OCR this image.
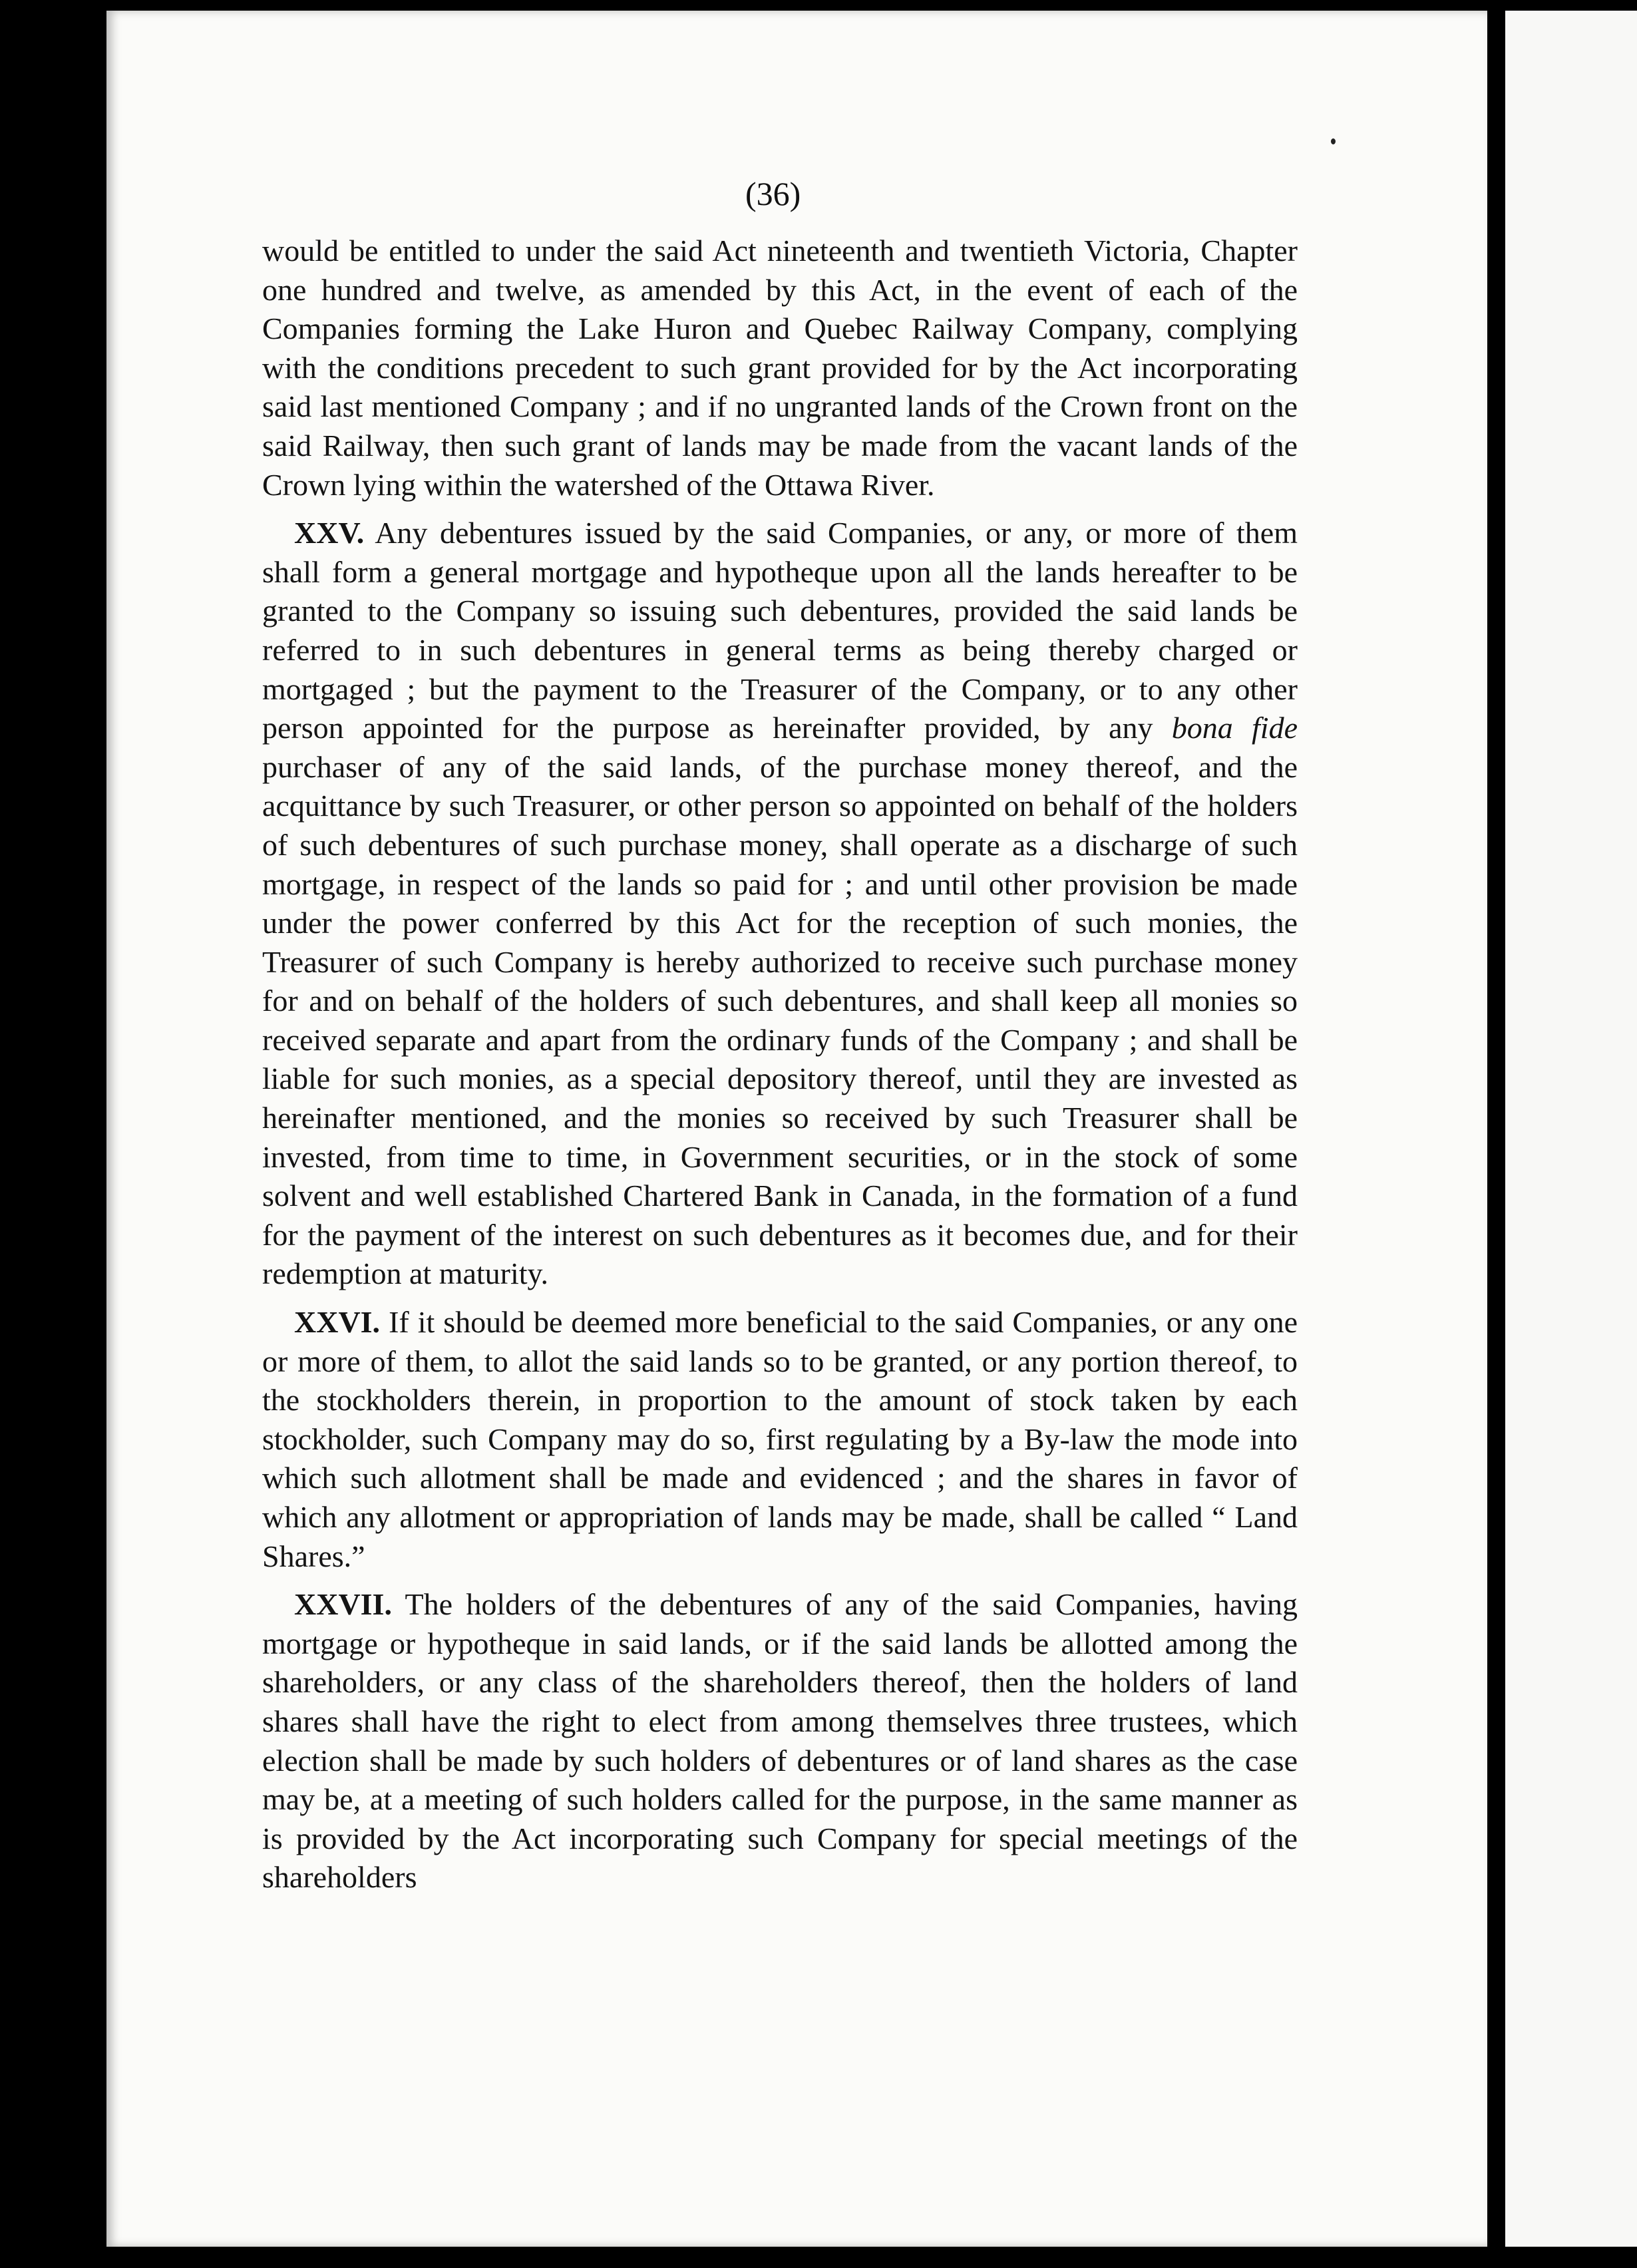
(36)

would be entitled to under the said Act nineteenth and twentieth Victoria, Chapter one hundred and twelve, as amended by this Act, in the event of each of the Companies forming the Lake Huron and Quebec Railway Company, complying with the conditions precedent to such grant provided for by the Act incorporating said last mentioned Company ; and if no ungranted lands of the Crown front on the said Railway, then such grant of lands may be made from the vacant lands of the Crown lying within the watershed of the Ottawa River.

XXV. Any debentures issued by the said Companies, or any, or more of them shall form a general mortgage and hypotheque upon all the lands hereafter to be granted to the Company so issuing such debentures, provided the said lands be referred to in such debentures in general terms as being thereby charged or mortgaged ; but the payment to the Treasurer of the Company, or to any other person appointed for the purpose as hereinafter provided, by any bona fide purchaser of any of the said lands, of the purchase money thereof, and the acquittance by such Treasurer, or other person so appointed on behalf of the holders of such debentures of such purchase money, shall operate as a discharge of such mortgage, in respect of the lands so paid for ; and until other provision be made under the power conferred by this Act for the reception of such monies, the Treasurer of such Company is hereby authorized to receive such purchase money for and on behalf of the holders of such debentures, and shall keep all monies so received separate and apart from the ordinary funds of the Company ; and shall be liable for such monies, as a special depository thereof, until they are invested as hereinafter mentioned, and the monies so received by such Treasurer shall be invested, from time to time, in Government securities, or in the stock of some solvent and well established Chartered Bank in Canada, in the formation of a fund for the payment of the interest on such debentures as it becomes due, and for their redemption at maturity.

XXVI. If it should be deemed more beneficial to the said Companies, or any one or more of them, to allot the said lands so to be granted, or any portion thereof, to the stockholders therein, in proportion to the amount of stock taken by each stockholder, such Company may do so, first regulating by a By-law the mode into which such allotment shall be made and evidenced ; and the shares in favor of which any allotment or appropriation of lands may be made, shall be called “ Land Shares.”

XXVII. The holders of the debentures of any of the said Companies, having mortgage or hypotheque in said lands, or if the said lands be allotted among the shareholders, or any class of the shareholders thereof, then the holders of land shares shall have the right to elect from among themselves three trustees, which election shall be made by such holders of debentures or of land shares as the case may be, at a meeting of such holders called for the purpose, in the same manner as is provided by the Act incorporating such Company for special meetings of the shareholders
